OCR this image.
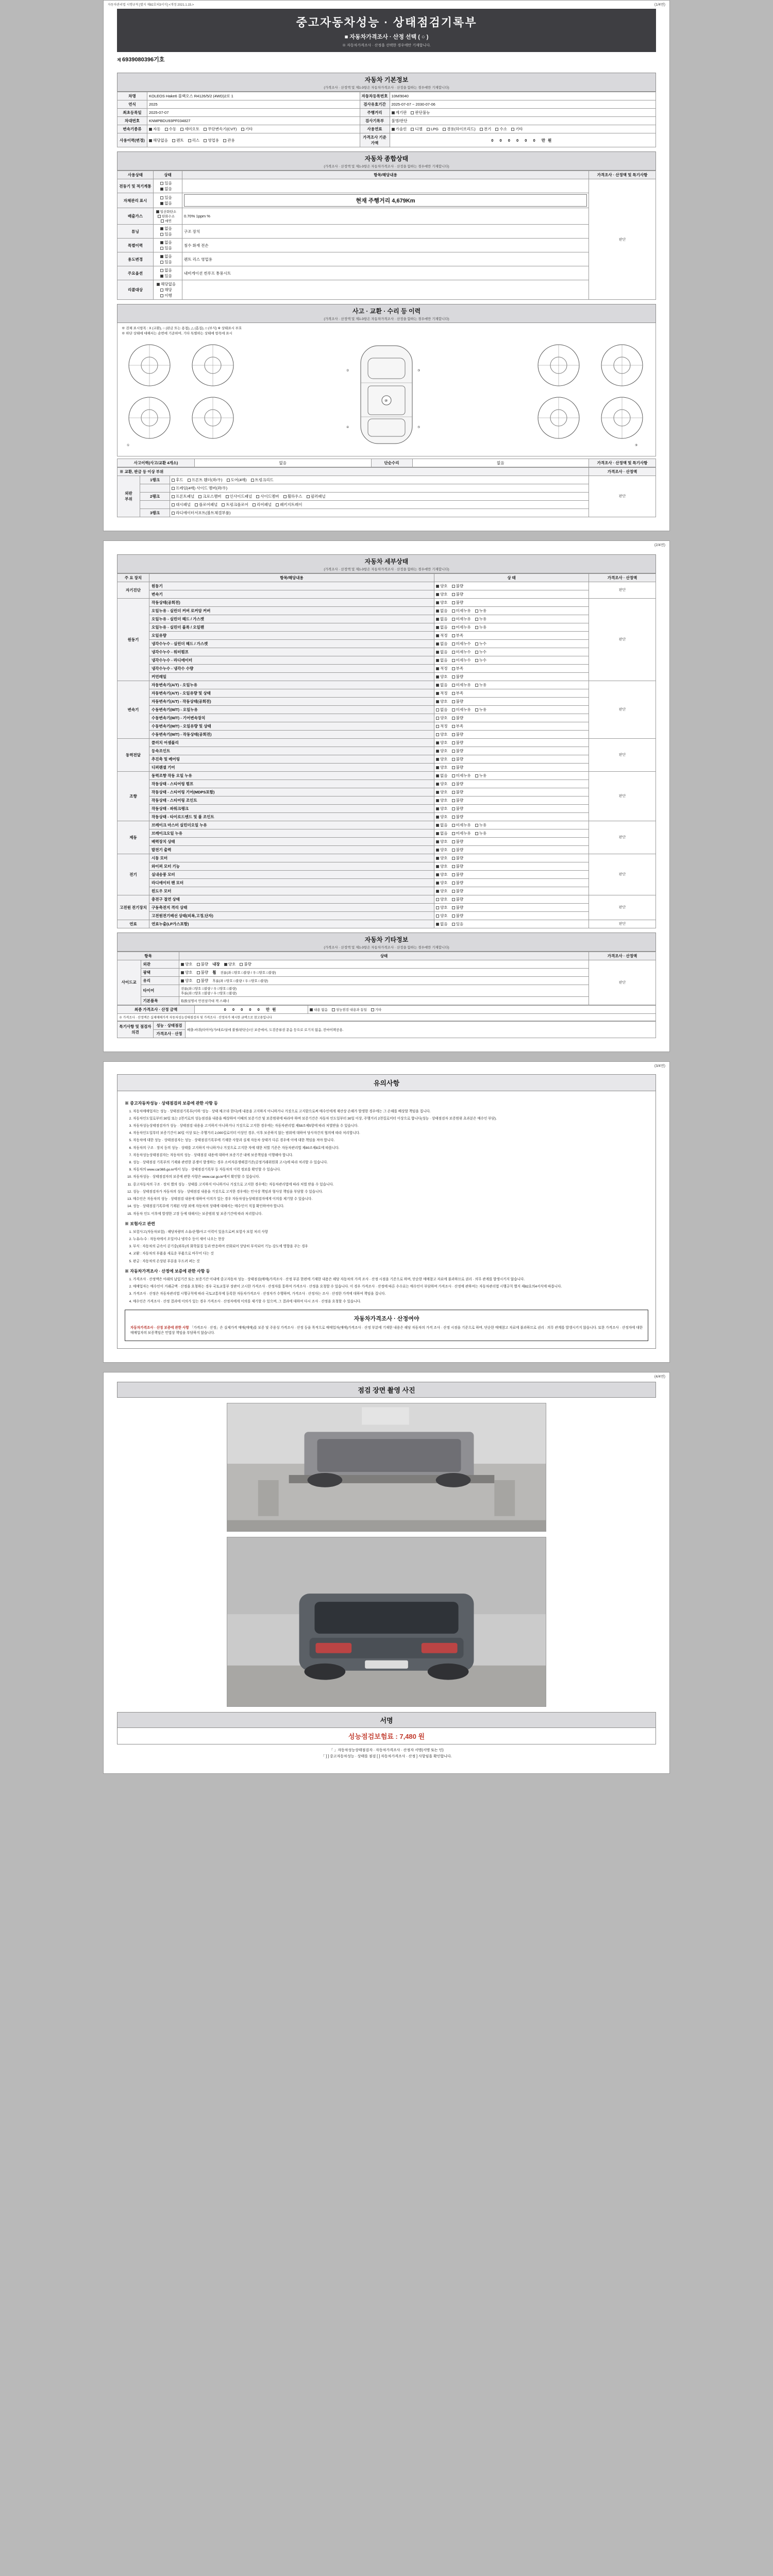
자동차관리법 시행규칙 [별지 제82호의3서식] <개정 2021.1.15.>	(1/4면)
중고자동차성능 · 상태점검기록부
■ 자동차가격조사 · 산정 선택 ( ○ )
※ 자동차가격조사 · 산정을 선택한 경우에만 기재합니다.
제 6939080396기호
자동차 기본정보
(가격조사 · 산정액 및 제1-3항은 자동차가격조사 · 산정을 함하는 경우에만 기재합니다)
차명	KOLEOS Hake6 블랙오스 R4126/5/2 (4WD)2로 1	자동차등록번호	10M/9040
연식	2025	검사유효기간	2025-07-07 ~ 2030-07-06
최초등록일	2025-07-07	주행거리	계기판 판단불능
차대번호	KNMPBDU93PF034827	검사기록부	불명/판단
변속기종류	자동 수동 세미오토 무단변속기(CVT) 기타	사용연료	가솔린 디젤 LPG 겸용(하이브리드) 전기 수소 기타
사용이력(변경)	해당없음 렌트 리스 영업용 관용	가격조사 기준가액	0 0 0 0 0 0 만원
자동차 종합상태
(가격조사 · 산정액 및 제1-3항은 자동차가격조사 · 산정을 함하는 경우에만 기재합니다)
사용상태	상태	항목/해당내용	가격조사 · 산정액 및 특기사항
전동기 및 적기계통	있음 없음		판단
자체관리 표시	있음 없음	현재 주행거리 4,679Km	

배출가스	일산화탄소 탄화수소 매연	0.70% 1ppm %	
튜닝	없음 있음	구조 장치	
특별이력	없음 있음	침수 화재 전손	
용도변경	없음 있음	렌트 리스 영업용	
주요옵션	없음 있음	내비게이션 썬루프 통풍시트	
리콜대상	해당없음 해당 이행		
사고 · 교환 · 수리 등 이력
(가격조사 · 산정액 및 제1-3항은 자동차가격조사 · 산정을 함하는 경우에만 기재합니다)
※ 검체 표시항목 : X (교환), ○ (판금 또는 용접), △ (흠집), □ (부식) ※ 상태표시 부호
※ 하단 상태에 대해서는 순번에 기준하여, 기타 특별하는 상태에 항목에 표시
①
⑩
②	③
④	⑤
⑨
사고이력(사고/교환 4개소)	없음	단순수리	없음	가격조사 · 산정액 및 특기사항
※ 교환, 판금 등 이상 부위			가격조사 · 산정액
외판
부위	1랭크	후드 프론트 휀더(좌/우) 도어(4매) 트렁크리드	판단
		프레임(4매) 사이드 멤버(좌/우)	
	2랭크	프론트패널 크로스멤버 인사이드패널 사이드멤버 휠하우스 필러패널	
		대시패널 플로어패널 트렁크플로어 리어패널 패키지트레이	
	3랭크	라디에이터서포트(볼트체결부품)	
(2/4면)
자동차 세부상태
(가격조사 · 산정액 및 제1-3항은 자동차가격조사 · 산정을 함하는 경우에만 기재합니다)
주 요 장치	항목/해당내용	상 태	가격조사 · 산정액
자기진단	원동기	양호 불량	판단
	변속기	양호 불량	
원동기	작동상태(공회전)	양호 불량	판단
	오일누유 - 실린더 커버 로커암 커버	없음 미세누유 누유	
	오일누유 - 실린더 헤드 / 가스켓	없음 미세누유 누유	
	오일누유 - 실린더 블록 / 오일팬	없음 미세누유 누유	
	오일유량	적정 부족	
	냉각수누수 - 실린더 헤드 / 가스켓	없음 미세누수 누수	
	냉각수누수 - 워터펌프	없음 미세누수 누수	
	냉각수누수 - 라디에이터	없음 미세누수 누수	
	냉각수누수 - 냉각수 수량	적정 부족	
	커먼레일	양호 불량	
변속기	자동변속기(A/T) - 오일누유	없음 미세누유 누유	판단
	자동변속기(A/T) - 오일유량 및 상태	적정 부족	
	자동변속기(A/T) - 작동상태(공회전)	양호 불량	
	수동변속기(M/T) - 오일누유	없음 미세누유 누유	
	수동변속기(M/T) - 기어변속장치	양호 불량	
	수동변속기(M/T) - 오일유량 및 상태	적정 부족	
	수동변속기(M/T) - 작동상태(공회전)	양호 불량	
동력전달	클러치 어셈블리	양호 불량	판단
	등속조인트	양호 불량	
	추진축 및 베어링	양호 불량	
	디퍼렌셜 기어	양호 불량	
조향	동력조향 작동 오일 누유	없음 미세누유 누유	판단
	작동상태 - 스티어링 펌프	양호 불량	
	작동상태 - 스티어링 기어(MDPS포함)	양호 불량	
	작동상태 - 스티어링 조인트	양호 불량	
	작동상태 - 파워크랭크	양호 불량	
	작동상태 - 타이로드엔드 및 볼 조인트	양호 불량	
제동	브레이크 마스터 실린더오일 누유	없음 미세누유 누유	판단
	브레이크오일 누유	없음 미세누유 누유	
	배력장치 상태	양호 불량	
	발전기 출력	양호 불량	
전기	시동 모터	양호 불량	판단
	와이퍼 모터 기능	양호 불량	
	실내송풍 모터	양호 불량	
	라디에이터 팬 모터	양호 불량	
	윈도우 모터	양호 불량	
고전원 전기장치	충전구 절연 상태	양호 불량	판단
	구동축전지 격리 상태	양호 불량	
	고전원전기배선 상태(피복,고정,단자)	양호 불량	
연료	연료누출(LP가스포함)	없음 있음	판단
자동차 기타정보
(가격조사 · 산정액 및 제1-3항은 자동차가격조사 · 산정을 함하는 경우에만 기재합니다)
항목		상태	가격조사 · 산정액
사이드교	외관	양호 불량 내장 양호 불량	판단
	광택	양호 불량 휠 전륜(좌 □양호 □불량 / 우 □양호 □불량)	
	유리	양호 불량 후륜(좌 □양호 □불량 / 우 □양호 □불량)	
	타이어	전륜(좌 □양호 □불량 / 우 □양호 □불량)
후륜(좌 □양호 □불량 / 우 □양호 □불량)	

	기본품목	取扱설명서 안전삼각대 잭 스패너	
최종 가격조사 · 산정 금액	0 0 0 0 0 만원	내용 없음 성능점검 내용과 동일 기타
※ 가격조사 · 산정액은 실제매매가격 자동차성능상태점검자 및 가격조사 · 산정자가 제시한 금액으로 참고용입니다
특기사항 및 점검자의견	성능 · 상태점검	배출-바퀴(타이어)가/대로/실에 불필/판단승/신 보증에서, 도검증류권 문음 등으로 로기지 없음, 칸마이팩공용.
가격조사 · 산정
(3/4면)
유의사항
※ 중고자동차성능 · 상태점검의 보증에 관한 사항 등
1. 자동차매매업자는 성능 · 상태점검기록부(이하 '성능 · 상태 체크'라 한다)에 내용을 고지하지 아니하거나 거짓으로 고지함으로써 매수인에게 재산상 손해가 발생한 경우에는 그 손해를 배상할 책임을 집니다.
2. 자동차인도일로부터 30일 또는 2천키로의 성능점검을 내용을 배상하여 이때의 보증기간 및 보증범위에 따라야 하며 보증기간은 자동차 인도일부터 30일 이상, 주행거리 2천킬로미터 이상으로 합니다(성능 · 상태점검자 보증범위 초과분은 매수인 부담).
3. 자동차성능상태점검자가 성능 · 상태점검 내용을 고지하지 아니하거나 거짓으로 고지한 경우에는 자동차관리법 제58조제5항에 따라 처벌받을 수 있습니다.
4. 자동차인도일부터 보증기간이 30일 이상 또는 주행거리 2,000킬로미터 이상인 경우, 이후 보증하지 않는 범위에 대하여 당사자간의 협의에 따라 처리합니다.
5. 자동차에 대한 성능 · 상태점검자는 성능 · 상태점검기록부에 기재한 사항과 실제 자동차 상태가 다른 경우에 이에 대한 책임을 져야 합니다.
6. 자동차의 구조 · 장치 등의 성능 · 상태를 고지하지 아니하거나 거짓으로 고지한 자에 대한 처벌 기준은 자동차관리법 제80조제8호에 따릅니다.
7. 자동차성능상태점검자는 자동차의 성능 · 상태점검 내용에 대하여 보증기간 내에 보증책임을 이행해야 합니다.
8. 성능 · 상태점검 기록부의 기재와 관련한 분쟁이 발생하는 경우 소비자분쟁해결기준(공정거래위원회 고시)에 따라 처리할 수 있습니다.
9. 자동차의 www.car365.go.kr에서 성능 · 상태점검기록부 등 자동차의 이력 정보를 확인할 수 있습니다.
10. 자동차성능 · 상태점검자의 보증에 관한 사항은 www.car.go.kr에서 확인할 수 있습니다.
11. 중고자동차의 구조 · 장치 별의 성능 · 상태를 고지하지 아니하거나 거짓으로 고지한 경우에는 자동차관리법에 따라 처벌 받을 수 있습니다.
12. 성능 · 상태점검자가 자동차의 성능 · 상태점검 내용을 거짓으로 고지한 경우에는 민사상 책임과 형사상 책임을 부담할 수 있습니다.
13. 매수인은 자동차의 성능 · 상태점검 내용에 대하여 이의가 있는 경우 자동차성능상태점검자에게 이의를 제기할 수 있습니다.
14. 성능 · 상태점검기록부에 기재된 사항 외에 자동차의 상태에 대해서는 매수인이 직접 확인하여야 합니다.
15. 자동차 인도 이후에 발생한 고장 등에 대해서는 보증범위 및 보증기간에 따라 처리합니다.
※ 보험사고 관련
1. 보험사고(자동차보험) : 해당차량의 소유/운행/사고 이력이 있음으로써 보험사 보험 처리 사항
2. 누유/누수 : 자동차에서 오일이나 냉각수 등이 새어 나오는 현상
3. 부식 : 자동차의 금속이 공기중(외부)의 화학물질 등과 반응하여 산화되어 상당히 부식되어 기능·강도에 영향을 주는 경우
4. 교환 : 자동차의 부품을 새로운 부품으로 바꾸어 다는 것
5. 판금 : 자동차의 손상된 부분을 두드려 펴는 것
※ 자동차가격조사 · 산정에 보증에 관한 사항 등
1. 가격조사 · 산정액은 아래의 납입기간 또는 보증기간 이내에 중고자동차 성능 · 상태점검(매매)가격조사 · 산정 부분 한편에 기재한 내용은 해당 자동차의 가격 조사 · 산정 시점을 기준으로 하며, 단순한 매매참고 자료에 불과하므로 권리 · 의무 관계를 발생시키지 않습니다.
2. 매매업자는 매수인이 거래금액 · 산정을 요청하는 경우 국토교통부 장관이 고시한 가격조사 · 산정자를 통하여 가격조사 · 산정을 요청할 수 있습니다. 이 경우 가격조사 · 산정에 따른 수수료는 매수인이 부담하며 가격조사 · 산정에 관하여는 자동차관리법 시행규칙 별지 제82호의4서식에 따릅니다.
3. 가격조사 · 산정은 자동차관리법 시행규칙에 따라 국토교통부에 등록한 자동차가격조사 · 산정자가 수행하며, 가격조사 · 산정자는 조사 · 산정한 가격에 대하여 책임을 집니다.
4. 매수인은 가격조사 · 산정 결과에 이의가 있는 경우 가격조사 · 산정자에게 이의를 제기할 수 있으며, 그 결과에 대하여 다시 조사 · 산정을 요청할 수 있습니다.
자동차가격조사 · 산정여야
자동차가격조사 · 산정 보증에 관한 사항 「가격조사 · 산정」은 실제가격 매매(매매)를 보증 및 주용성 가격조사 · 산정 등을 목적으로 매매업자(매매)가격조사 · 산정 부분에 기재한 내용은 해당 자동차의 가격 조사 · 산정 시점을 기준으로 하며, 단순한 매매참고 자료에 불과하므로 권리 · 의무 관계를 발생시키지 않습니다. 또한 가격조사 · 산정자에 대한 매매업자의 보증책임은 민법상 책임을 부담하지 않습니다.
(4/4면)
점검 장면 촬영 사진
서명
성능점검보험료 : 7,480 원
「 」자동차성능상태점검자 · 자동차가격조사 · 산정자 서명(서명 또는 인)
「 ] ] 중고자동차성능 · 상태를 점검 [ ] 자동차가격조사 · 산정 ] 사항임을 확인합니다.
